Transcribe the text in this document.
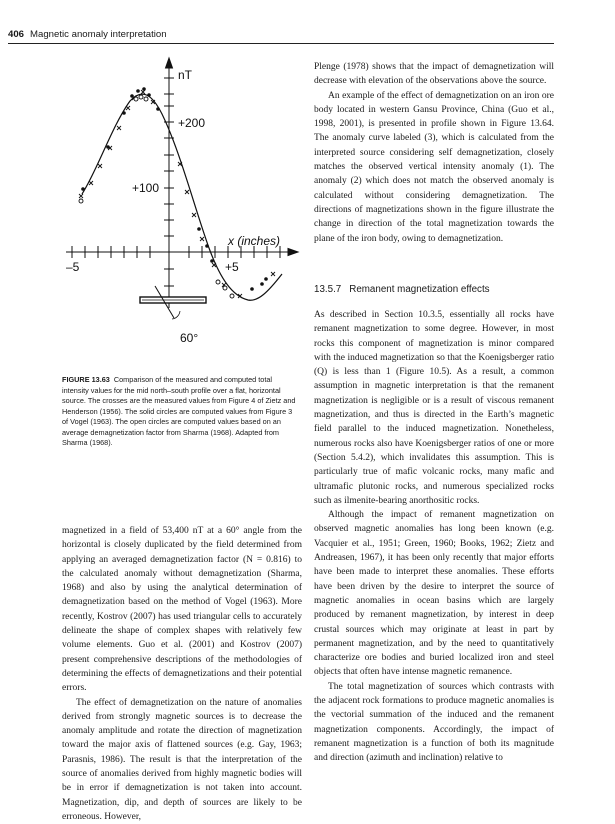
406 Magnetic anomaly interpretation
nT
+200
+100
x (inches)
–5	+5
60°
FIGURE 13.63 Comparison of the measured and computed total intensity values for the mid north–south profile over a flat, horizontal source. The crosses are the measured values from Figure 4 of Zietz and Henderson (1956). The solid circles are computed values from Figure 3 of Vogel (1963). The open circles are computed values based on an average demagnetization factor from Sharma (1968). Adapted from Sharma (1968).

magnetized in a field of 53,400 nT at a 60° angle from the horizontal is closely duplicated by the field determined from applying an averaged demagnetization factor (N = 0.816) to the calculated anomaly without demagnetization (Sharma, 1968) and also by using the analytical determination of demagnetization based on the method of Vogel (1963). More recently, Kostrov (2007) has used triangular cells to accurately delineate the shape of complex shapes with relatively few volume elements. Guo et al. (2001) and Kostrov (2007) present comprehensive descriptions of the methodologies of determining the effects of demagnetizations and their potential errors.

The effect of demagnetization on the nature of anomalies derived from strongly magnetic sources is to decrease the anomaly amplitude and rotate the direction of magnetization toward the major axis of flattened sources (e.g. Gay, 1963; Parasnis, 1986). The result is that the interpretation of the source of anomalies derived from highly magnetic bodies will be in error if demagnetization is not taken into account. Magnetization, dip, and depth of sources are likely to be erroneous. However,

Plenge (1978) shows that the impact of demagnetization will decrease with elevation of the observations above the source.

An example of the effect of demagnetization on an iron ore body located in western Gansu Province, China (Guo et al., 1998, 2001), is presented in profile shown in Figure 13.64. The anomaly curve labeled (3), which is calculated from the interpreted source considering self demagnetization, closely matches the observed vertical intensity anomaly (1). The anomaly (2) which does not match the observed anomaly is calculated without considering demagnetization. The directions of magnetizations shown in the figure illustrate the change in direction of the total magnetization towards the plane of the iron body, owing to demagnetization.

13.5.7 Remanent magnetization effects

As described in Section 10.3.5, essentially all rocks have remanent magnetization to some degree. However, in most rocks this component of magnetization is minor compared with the induced magnetization so that the Koenigsberger ratio (Q) is less than 1 (Figure 10.5). As a result, a common assumption in magnetic interpretation is that the remanent magnetization is negligible or is a result of viscous remanent magnetization, and thus is directed in the Earth’s magnetic field parallel to the induced magnetization. Nonetheless, numerous rocks also have Koenigsberger ratios of one or more (Section 5.4.2), which invalidates this assumption. This is particularly true of mafic volcanic rocks, many mafic and ultramafic plutonic rocks, and numerous specialized rocks such as ilmenite-bearing anorthositic rocks.

Although the impact of remanent magnetization on observed magnetic anomalies has long been known (e.g. Vacquier et al., 1951; Green, 1960; Books, 1962; Zietz and Andreasen, 1967), it has been only recently that major efforts have been made to interpret these anomalies. These efforts have been driven by the desire to interpret the source of magnetic anomalies in ocean basins which are largely produced by remanent magnetization, by interest in deep crustal sources which may originate at least in part by permanent magnetization, and by the need to quantitatively characterize ore bodies and buried localized iron and steel objects that often have intense magnetic remanence.

The total magnetization of sources which contrasts with the adjacent rock formations to produce magnetic anomalies is the vectorial summation of the induced and the remanent magnetization components. Accordingly, the impact of remanent magnetization is a function of both its magnitude and direction (azimuth and inclination) relative to
